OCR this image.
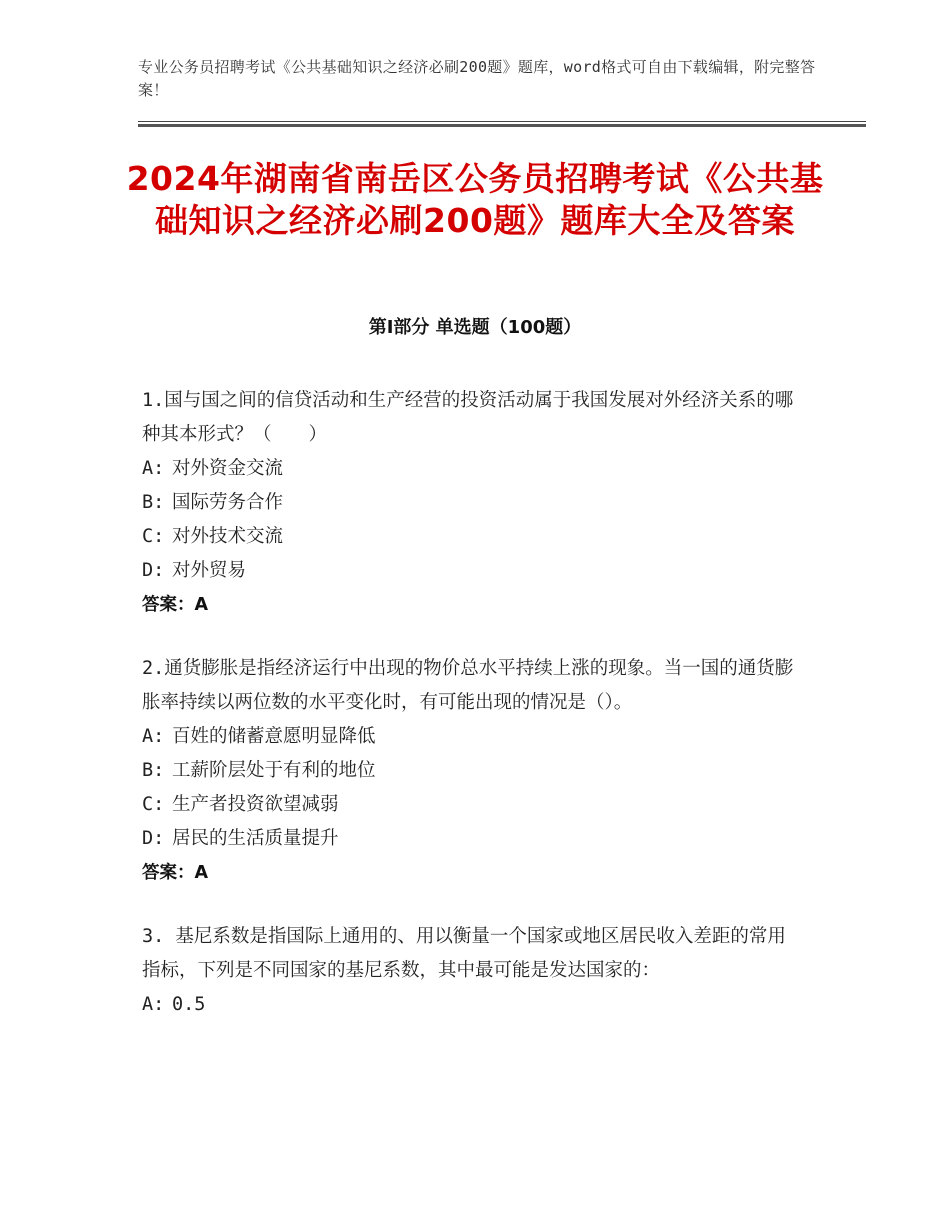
专业公务员招聘考试《公共基础知识之经济必刷200题》题库，word格式可自由下载编辑，附完整答案！
2024年湖南省南岳区公务员招聘考试《公共基础知识之经济必刷200题》题库大全及答案
第Ⅰ部分 单选题（100题）
1.国与国之间的信贷活动和生产经营的投资活动属于我国发展对外经济关系的哪种其本形式？（　　）
A: 对外资金交流
B: 国际劳务合作
C: 对外技术交流
D: 对外贸易
答案：A
2.通货膨胀是指经济运行中出现的物价总水平持续上涨的现象。当一国的通货膨胀率持续以两位数的水平变化时，有可能出现的情况是（）。
A: 百姓的储蓄意愿明显降低
B: 工薪阶层处于有利的地位
C: 生产者投资欲望减弱
D: 居民的生活质量提升
答案：A
3. 基尼系数是指国际上通用的、用以衡量一个国家或地区居民收入差距的常用指标，下列是不同国家的基尼系数，其中最可能是发达国家的：
A: 0.5
